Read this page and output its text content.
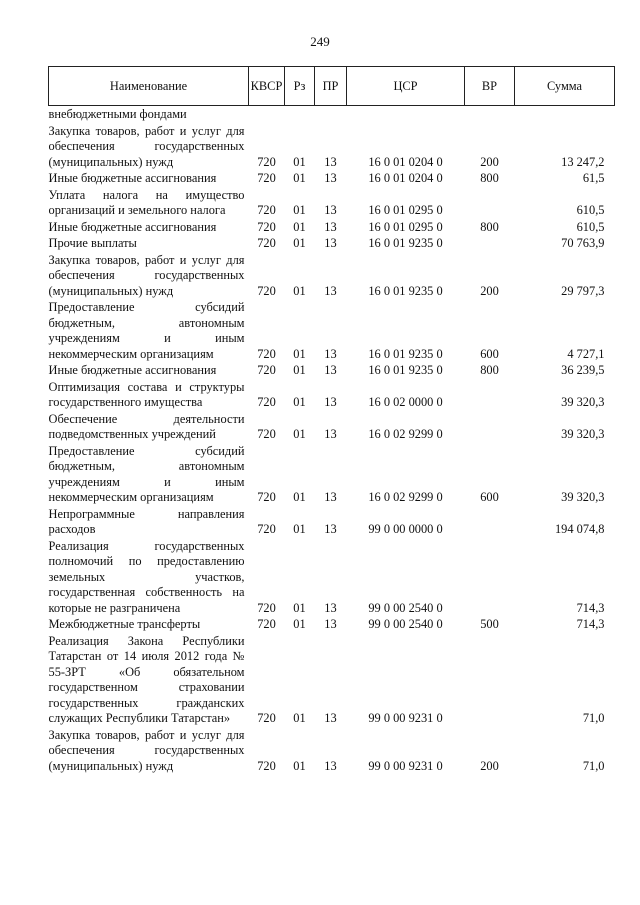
249
Наименование	КВСР	Рз	ПР	ЦСР	ВР	Сумма
внебюджетными фондами						
Закупка товаров, работ и услуг для обеспечения государственных (муниципальных) нужд	720	01	13	16 0 01 0204 0	200	13 247,2
Иные бюджетные ассигнования	720	01	13	16 0 01 0204 0	800	61,5
Уплата налога на имущество организаций и земельного налога	720	01	13	16 0 01 0295 0		610,5
Иные бюджетные ассигнования	720	01	13	16 0 01 0295 0	800	610,5
Прочие выплаты	720	01	13	16 0 01 9235 0		70 763,9
Закупка товаров, работ и услуг для обеспечения государственных (муниципальных) нужд	720	01	13	16 0 01 9235 0	200	29 797,3
Предоставление субсидий бюджетным, автономным учреждениям и иным некоммерческим организациям	720	01	13	16 0 01 9235 0	600	4 727,1
Иные бюджетные ассигнования	720	01	13	16 0 01 9235 0	800	36 239,5
Оптимизация состава и структуры государственного имущества	720	01	13	16 0 02 0000 0		39 320,3
Обеспечение деятельности подведомственных учреждений	720	01	13	16 0 02 9299 0		39 320,3
Предоставление субсидий бюджетным, автономным учреждениям и иным некоммерческим организациям	720	01	13	16 0 02 9299 0	600	39 320,3
Непрограммные направления расходов	720	01	13	99 0 00 0000 0		194 074,8
Реализация государственных полномочий по предоставлению земельных участков, государственная собственность на которые не разграничена	720	01	13	99 0 00 2540 0		714,3
Межбюджетные трансферты	720	01	13	99 0 00 2540 0	500	714,3
Реализация Закона Республики Татарстан от 14 июля 2012 года № 55-ЗРТ «Об обязательном государственном страховании государственных гражданских служащих Республики Татарстан»	720	01	13	99 0 00 9231 0		71,0
Закупка товаров, работ и услуг для обеспечения государственных (муниципальных) нужд	720	01	13	99 0 00 9231 0	200	71,0
